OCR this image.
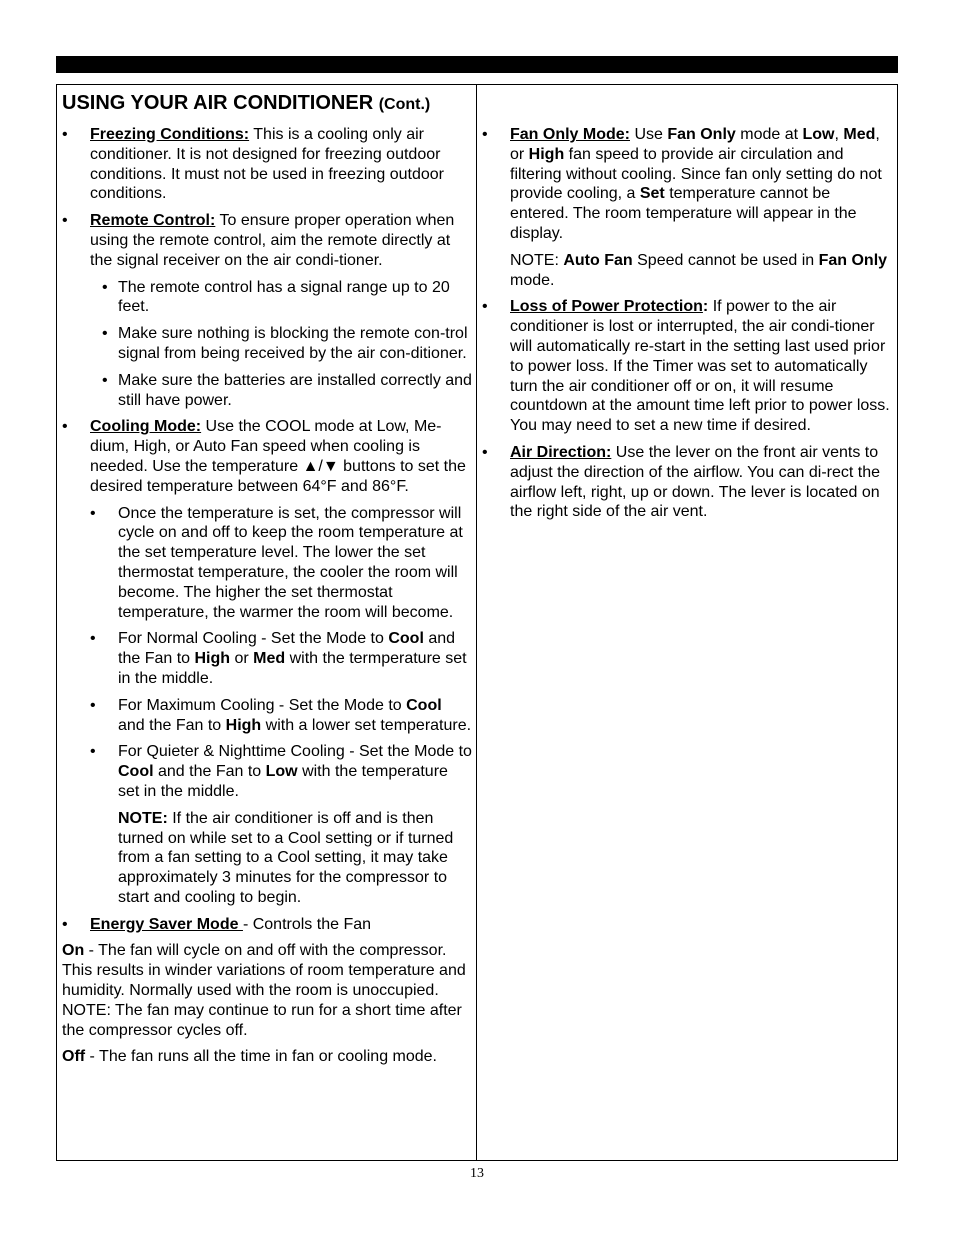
USING YOUR AIR CONDITIONER (Cont.)
• Freezing Conditions: This is a cooling only air conditioner. It is not designed for freezing outdoor conditions. It must not be used in freezing outdoor conditions.
• Remote Control: To ensure proper operation when using the remote control, aim the remote directly at the signal receiver on the air condi-tioner.
• The remote control has a signal range up to 20 feet.
• Make sure nothing is blocking the remote con-trol signal from being received by the air con-ditioner.
• Make sure the batteries are installed correctly and still have power.
• Cooling Mode: Use the COOL mode at Low, Me-dium, High, or Auto Fan speed when cooling is needed. Use the temperature ▲/▼ buttons to set the desired temperature between 64°F and 86°F.
• Once the temperature is set, the compressor will cycle on and off to keep the room temperature at the set temperature level. The lower the set thermostat temperature, the cooler the room will become. The higher the set thermostat temperature, the warmer the room will become.
• For Normal Cooling - Set the Mode to Cool and the Fan to High or Med with the termperature set in the middle.
• For Maximum Cooling - Set the Mode to Cool and the Fan to High with a lower set temperature.
• For Quieter & Nighttime Cooling - Set the Mode to Cool and the Fan to Low with the temperature set in the middle.
NOTE: If the air conditioner is off and is then turned on while set to a Cool setting or if turned from a fan setting to a Cool setting, it may take approximately 3 minutes for the compressor to start and cooling to begin.
• Energy Saver Mode - Controls the Fan
On - The fan will cycle on and off with the compressor. This results in winder variations of room temperature and humidity. Normally used with the room is unoccupied. NOTE: The fan may continue to run for a short time after the compressor cycles off.
Off - The fan runs all the time in fan or cooling mode.
• Fan Only Mode: Use Fan Only mode at Low, Med, or High fan speed to provide air circulation and filtering without cooling. Since fan only setting do not provide cooling, a Set temperature cannot be entered. The room temperature will appear in the display.
NOTE: Auto Fan Speed cannot be used in Fan Only mode.
• Loss of Power Protection: If power to the air conditioner is lost or interrupted, the air condi-tioner will automatically re-start in the setting last used prior to power loss. If the Timer was set to automatically turn the air conditioner off or on, it will resume countdown at the amount time left prior to power loss. You may need to set a new time if desired.
• Air Direction: Use the lever on the front air vents to adjust the direction of the airflow. You can di-rect the airflow left, right, up or down. The lever is located on the right side of the air vent.
13
